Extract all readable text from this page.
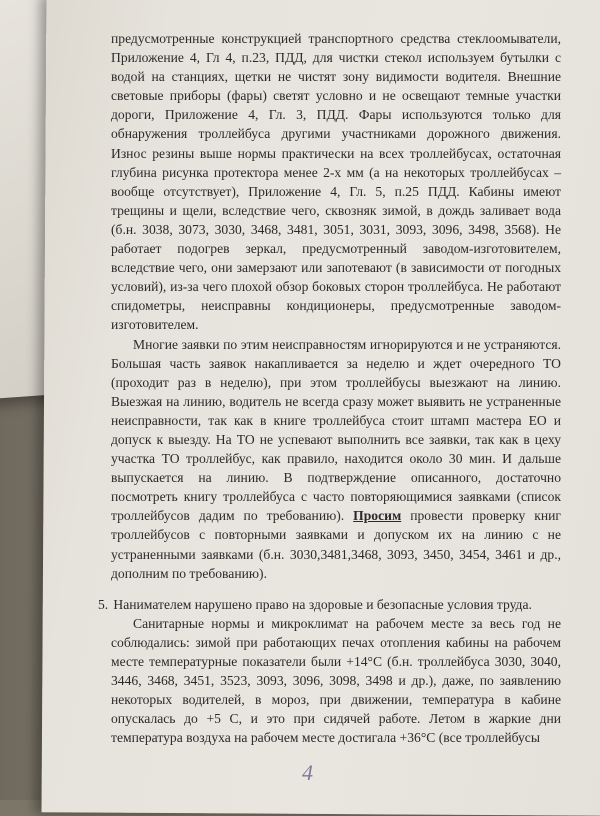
предусмотренные конструкцией транспортного средства стеклоомыватели, Приложение 4, Гл 4, п.23, ПДД, для чистки стекол используем бутылки с водой на станциях, щетки не чистят зону видимости водителя. Внешние световые приборы (фары) светят условно и не освещают темные участки дороги, Приложение 4, Гл. 3, ПДД. Фары используются только для обнаружения троллейбуса другими участниками дорожного движения. Износ резины выше нормы практически на всех троллейбусах, остаточная глубина рисунка протектора менее 2-х мм (а на некоторых троллейбусах – вообще отсутствует), Приложение 4, Гл. 5, п.25 ПДД. Кабины имеют трещины и щели, вследствие чего, сквозняк зимой, в дождь заливает вода (б.н. 3038, 3073, 3030, 3468, 3481, 3051, 3031, 3093, 3096, 3498, 3568). Не работает подогрев зеркал, предусмотренный заводом-изготовителем, вследствие чего, они замерзают или запотевают (в зависимости от погодных условий), из-за чего плохой обзор боковых сторон троллейбуса. Не работают спидометры, неисправны кондиционеры, предусмотренные заводом-изготовителем.

Многие заявки по этим неисправностям игнорируются и не устраняются. Большая часть заявок накапливается за неделю и ждет очередного ТО (проходит раз в неделю), при этом троллейбусы выезжают на линию. Выезжая на линию, водитель не всегда сразу может выявить не устраненные неисправности, так как в книге троллейбуса стоит штамп мастера ЕО и допуск к выезду. На ТО не успевают выполнить все заявки, так как в цеху участка ТО троллейбус, как правило, находится около 30 мин. И дальше выпускается на линию. В подтверждение описанного, достаточно посмотреть книгу троллейбуса с часто повторяющимися заявками (список троллейбусов дадим по требованию). Просим провести проверку книг троллейбусов с повторными заявками и допуском их на линию с не устраненными заявками (б.н. 3030,3481,3468, 3093, 3450, 3454, 3461 и др., дополним по требованию).

5. Нанимателем нарушено право на здоровые и безопасные условия труда.

Санитарные нормы и микроклимат на рабочем месте за весь год не соблюдались: зимой при работающих печах отопления кабины на рабочем месте температурные показатели были +14°С (б.н. троллейбуса 3030, 3040, 3446, 3468, 3451, 3523, 3093, 3096, 3098, 3498 и др.), даже, по заявлению некоторых водителей, в мороз, при движении, температура в кабине опускалась до +5 С, и это при сидячей работе. Летом в жаркие дни температура воздуха на рабочем месте достигала +36°С (все троллейбусы

4
